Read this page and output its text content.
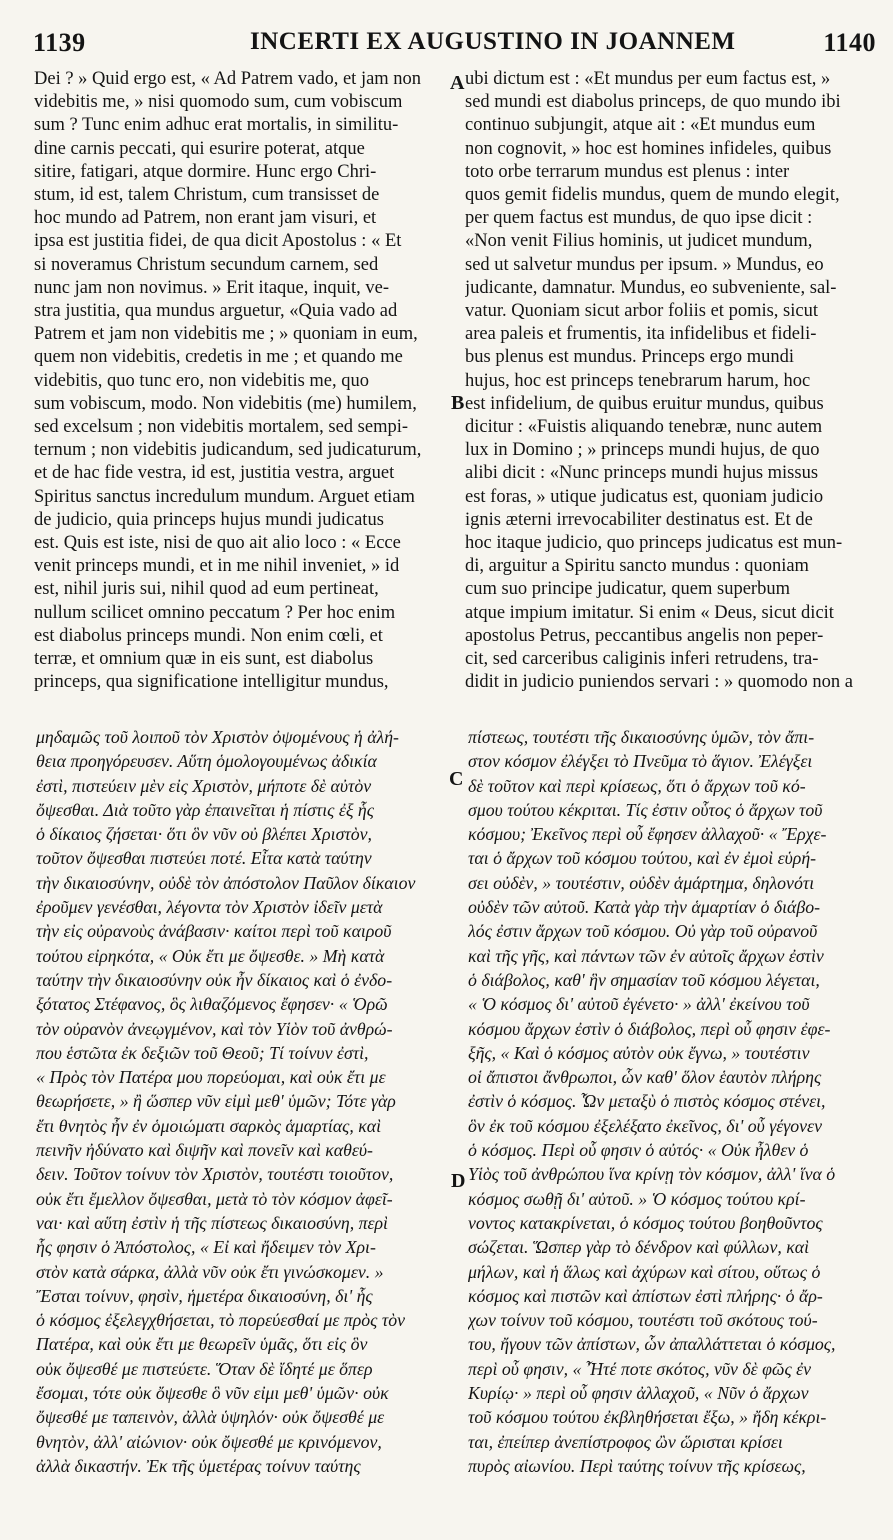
1139	INCERTI EX AUGUSTINO IN JOANNEM	1140
Dei ? » Quid ergo est, « Ad Patrem vado, et jam non
videbitis me, » nisi quomodo sum, cum vobiscum
sum ? Tunc enim adhuc erat mortalis, in similitu-
dine carnis peccati, qui esurire poterat, atque
sitire, fatigari, atque dormire. Hunc ergo Chri-
stum, id est, talem Christum, cum transisset de
hoc mundo ad Patrem, non erant jam visuri, et
ipsa est justitia fidei, de qua dicit Apostolus : « Et
si noveramus Christum secundum carnem, sed
nunc jam non novimus. » Erit itaque, inquit, ve-
stra justitia, qua mundus arguetur, «Quia vado ad
Patrem et jam non videbitis me ; » quoniam in eum,
quem non videbitis, credetis in me ; et quando me
videbitis, quo tunc ero, non videbitis me, quo
sum vobiscum, modo. Non videbitis (me) humilem,
sed excelsum ; non videbitis mortalem, sed sempi-
ternum ; non videbitis judicandum, sed judicaturum,
et de hac fide vestra, id est, justitia vestra, arguet
Spiritus sanctus incredulum mundum. Arguet etiam
de judicio, quia princeps hujus mundi judicatus
est. Quis est iste, nisi de quo ait alio loco : « Ecce
venit princeps mundi, et in me nihil inveniet, » id
est, nihil juris sui, nihil quod ad eum pertineat,
nullum scilicet omnino peccatum ? Per hoc enim
est diabolus princeps mundi. Non enim cœli, et
terræ, et omnium quæ in eis sunt, est diabolus
princeps, qua significatione intelligitur mundus,
ubi dictum est : «Et mundus per eum factus est, »
sed mundi est diabolus princeps, de quo mundo ibi
continuo subjungit, atque ait : «Et mundus eum
non cognovit, » hoc est homines infideles, quibus
toto orbe terrarum mundus est plenus : inter
quos gemit fidelis mundus, quem de mundo elegit,
per quem factus est mundus, de quo ipse dicit :
«Non venit Filius hominis, ut judicet mundum,
sed ut salvetur mundus per ipsum. » Mundus, eo
judicante, damnatur. Mundus, eo subveniente, sal-
vatur. Quoniam sicut arbor foliis et pomis, sicut
area paleis et frumentis, ita infidelibus et fideli-
bus plenus est mundus. Princeps ergo mundi
hujus, hoc est princeps tenebrarum harum, hoc
est infidelium, de quibus eruitur mundus, quibus
dicitur : «Fuistis aliquando tenebræ, nunc autem
lux in Domino ; » princeps mundi hujus, de quo
alibi dicit : «Nunc princeps mundi hujus missus
est foras, » utique judicatus est, quoniam judicio
ignis æterni irrevocabiliter destinatus est. Et de
hoc itaque judicio, quo princeps judicatus est mun-
di, arguitur a Spiritu sancto mundus : quoniam
cum suo principe judicatur, quem superbum
atque impium imitatur. Si enim « Deus, sicut dicit
apostolus Petrus, peccantibus angelis non peper-
cit, sed carceribus caliginis inferi retrudens, tra-
didit in judicio puniendos servari : » quomodo non a
A
B
C
D
μηδαμῶς τοῦ λοιποῦ τὸν Χριστὸν ὀψομένους ἡ ἀλή-
θεια προηγόρευσεν. Αὕτη ὁμολογουμένως ἀδικία
ἐστὶ, πιστεύειν μὲν εἰς Χριστὸν, μήποτε δὲ αὐτὸν
ὄψεσθαι. Διὰ τοῦτο γὰρ ἐπαινεῖται ἡ πίστις ἐξ ἧς
ὁ δίκαιος ζήσεται· ὅτι ὃν νῦν οὐ βλέπει Χριστὸν,
τοῦτον ὄψεσθαι πιστεύει ποτέ. Εἶτα κατὰ ταύτην
τὴν δικαιοσύνην, οὐδὲ τὸν ἀπόστολον Παῦλον δίκαιον
ἐροῦμεν γενέσθαι, λέγοντα τὸν Χριστὸν ἰδεῖν μετὰ
τὴν εἰς οὐρανοὺς ἀνάβασιν· καίτοι περὶ τοῦ καιροῦ
τούτου εἰρηκότα, « Οὐκ ἔτι με ὄψεσθε. » Μὴ κατὰ
ταύτην τὴν δικαιοσύνην οὐκ ἦν δίκαιος καὶ ὁ ἐνδο-
ξότατος Στέφανος, ὃς λιθαζόμενος ἔφησεν· « Ὁρῶ
τὸν οὐρανὸν ἀνεῳγμένον, καὶ τὸν Υἱὸν τοῦ ἀνθρώ-
που ἑστῶτα ἐκ δεξιῶν τοῦ Θεοῦ; Τί τοίνυν ἐστὶ,
« Πρὸς τὸν Πατέρα μου πορεύομαι, καὶ οὐκ ἔτι με
θεωρήσετε, » ἢ ὥσπερ νῦν εἰμὶ μεθ' ὑμῶν; Τότε γὰρ
ἔτι θνητὸς ἦν ἐν ὁμοιώματι σαρκὸς ἁμαρτίας, καὶ
πεινῆν ἠδύνατο καὶ διψῆν καὶ πονεῖν καὶ καθεύ-
δειν. Τοῦτον τοίνυν τὸν Χριστὸν, τουτέστι τοιοῦτον,
οὐκ ἔτι ἔμελλον ὄψεσθαι, μετὰ τὸ τὸν κόσμον ἀφεῖ-
ναι· καὶ αὕτη ἐστὶν ἡ τῆς πίστεως δικαιοσύνη, περὶ
ἧς φησιν ὁ Ἀπόστολος, « Εἰ καὶ ἤδειμεν τὸν Χρι-
στὸν κατὰ σάρκα, ἀλλὰ νῦν οὐκ ἔτι γινώσκομεν. »
Ἔσται τοίνυν, φησὶν, ἡμετέρα δικαιοσύνη, δι' ἧς
ὁ κόσμος ἐξελεγχθήσεται, τὸ πορεύεσθαί με πρὸς τὸν
Πατέρα, καὶ οὐκ ἔτι με θεωρεῖν ὑμᾶς, ὅτι εἰς ὃν
οὐκ ὄψεσθέ με πιστεύετε. Ὅταν δὲ ἴδητέ με ὅπερ
ἔσομαι, τότε οὐκ ὄψεσθε ὃ νῦν εἰμι μεθ' ὑμῶν· οὐκ
ὄψεσθέ με ταπεινὸν, ἀλλὰ ὑψηλόν· οὐκ ὄψεσθέ με
θνητὸν, ἀλλ' αἰώνιον· οὐκ ὄψεσθέ με κρινόμενον,
ἀλλὰ δικαστήν. Ἐκ τῆς ὑμετέρας τοίνυν ταύτης
πίστεως, τουτέστι τῆς δικαιοσύνης ὑμῶν, τὸν ἄπι-
στον κόσμον ἐλέγξει τὸ Πνεῦμα τὸ ἅγιον. Ἐλέγξει
δὲ τοῦτον καὶ περὶ κρίσεως, ὅτι ὁ ἄρχων τοῦ κό-
σμου τούτου κέκριται. Τίς ἐστιν οὗτος ὁ ἄρχων τοῦ
κόσμου; Ἐκεῖνος περὶ οὗ ἔφησεν ἀλλαχοῦ· « Ἔρχε-
ται ὁ ἄρχων τοῦ κόσμου τούτου, καὶ ἐν ἐμοὶ εὑρή-
σει οὐδὲν, » τουτέστιν, οὐδὲν ἁμάρτημα, δηλονότι
οὐδὲν τῶν αὐτοῦ. Κατὰ γὰρ τὴν ἁμαρτίαν ὁ διάβο-
λός ἐστιν ἄρχων τοῦ κόσμου. Οὐ γὰρ τοῦ οὐρανοῦ
καὶ τῆς γῆς, καὶ πάντων τῶν ἐν αὐτοῖς ἄρχων ἐστὶν
ὁ διάβολος, καθ' ἣν σημασίαν τοῦ κόσμου λέγεται,
« Ὁ κόσμος δι' αὐτοῦ ἐγένετο· » ἀλλ' ἐκείνου τοῦ
κόσμου ἄρχων ἐστὶν ὁ διάβολος, περὶ οὗ φησιν ἐφε-
ξῆς, « Καὶ ὁ κόσμος αὐτὸν οὐκ ἔγνω, » τουτέστιν
οἱ ἄπιστοι ἄνθρωποι, ὧν καθ' ὅλον ἑαυτὸν πλήρης
ἐστὶν ὁ κόσμος. Ὧν μεταξὺ ὁ πιστὸς κόσμος στένει,
ὃν ἐκ τοῦ κόσμου ἐξελέξατο ἐκεῖνος, δι' οὗ γέγονεν
ὁ κόσμος. Περὶ οὗ φησιν ὁ αὐτός· « Οὐκ ἦλθεν ὁ
Υἱὸς τοῦ ἀνθρώπου ἵνα κρίνῃ τὸν κόσμον, ἀλλ' ἵνα ὁ
κόσμος σωθῇ δι' αὐτοῦ. » Ὁ κόσμος τούτου κρί-
νοντος κατακρίνεται, ὁ κόσμος τούτου βοηθοῦντος
σώζεται. Ὥσπερ γὰρ τὸ δένδρον καὶ φύλλων, καὶ
μήλων, καὶ ἡ ἅλως καὶ ἀχύρων καὶ σίτου, οὕτως ὁ
κόσμος καὶ πιστῶν καὶ ἀπίστων ἐστὶ πλήρης· ὁ ἄρ-
χων τοίνυν τοῦ κόσμου, τουτέστι τοῦ σκότους τού-
του, ἤγουν τῶν ἀπίστων, ὧν ἀπαλλάττεται ὁ κόσμος,
περὶ οὗ φησιν, « Ἦτέ ποτε σκότος, νῦν δὲ φῶς ἐν
Κυρίῳ· » περὶ οὗ φησιν ἀλλαχοῦ, « Νῦν ὁ ἄρχων
τοῦ κόσμου τούτου ἐκβληθήσεται ἔξω, » ἤδη κέκρι-
ται, ἐπείπερ ἀνεπίστροφος ὢν ὥρισται κρίσει
πυρὸς αἰωνίου. Περὶ ταύτης τοίνυν τῆς κρίσεως,
